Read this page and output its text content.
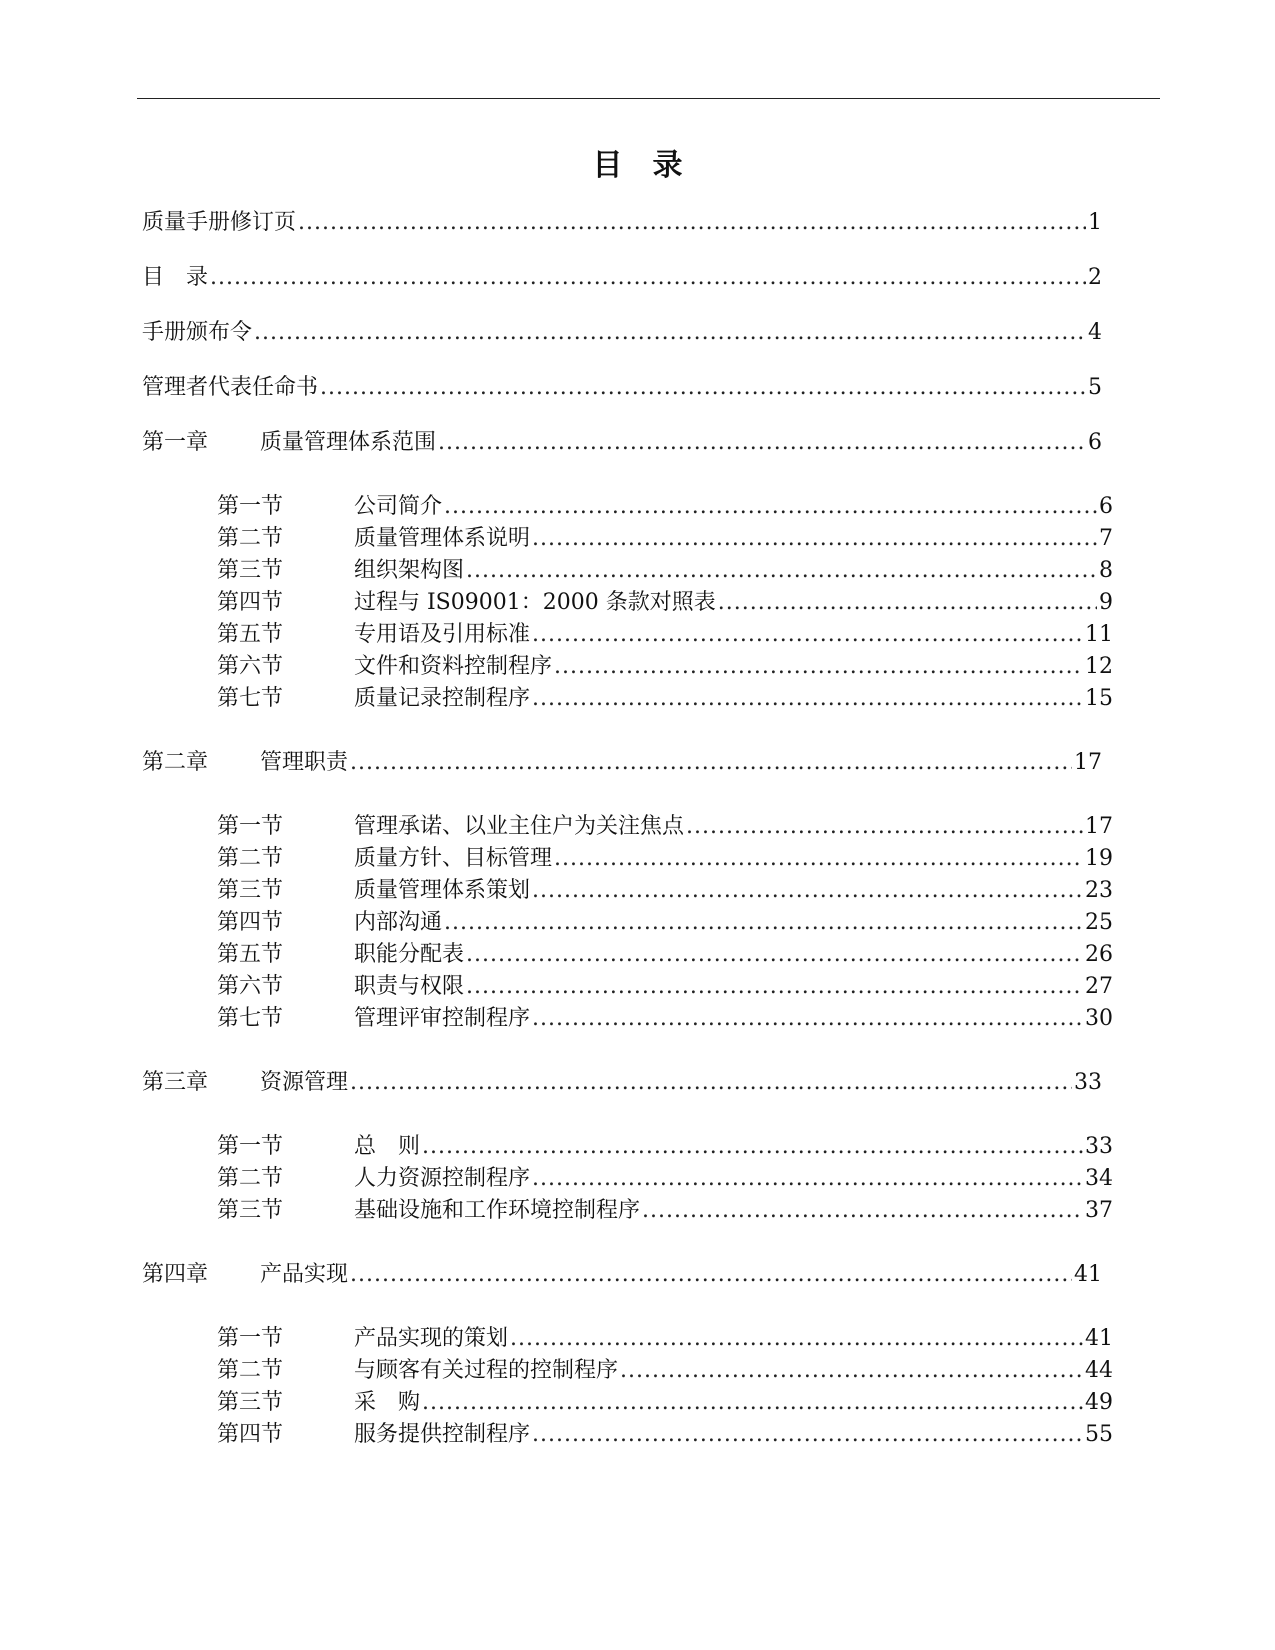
目　录
质量手册修订页 .....	1
目　录 .....	2
手册颁布令 .....	4
管理者代表任命书 .....	5
第一章	质量管理体系范围 .....	6
第一节	公司简介 .....	6
第二节	质量管理体系说明 .....	7
第三节	组织架构图 .....	8
第四节	过程与 IS09001：2000 条款对照表 .....	9
第五节	专用语及引用标准 .....	11
第六节	文件和资料控制程序 .....	12
第七节	质量记录控制程序 .....	15
第二章	管理职责 .....	17
第一节	管理承诺、以业主住户为关注焦点 .....	17
第二节	质量方针、目标管理 .....	19
第三节	质量管理体系策划 .....	23
第四节	内部沟通 .....	25
第五节	职能分配表 .....	26
第六节	职责与权限 .....	27
第七节	管理评审控制程序 .....	30
第三章	资源管理 .....	33
第一节	总　则 .....	33
第二节	人力资源控制程序 .....	34
第三节	基础设施和工作环境控制程序 .....	37
第四章	产品实现 .....	41
第一节	产品实现的策划 .....	41
第二节	与顾客有关过程的控制程序 .....	44
第三节	采　购 .....	49
第四节	服务提供控制程序 .....	55
